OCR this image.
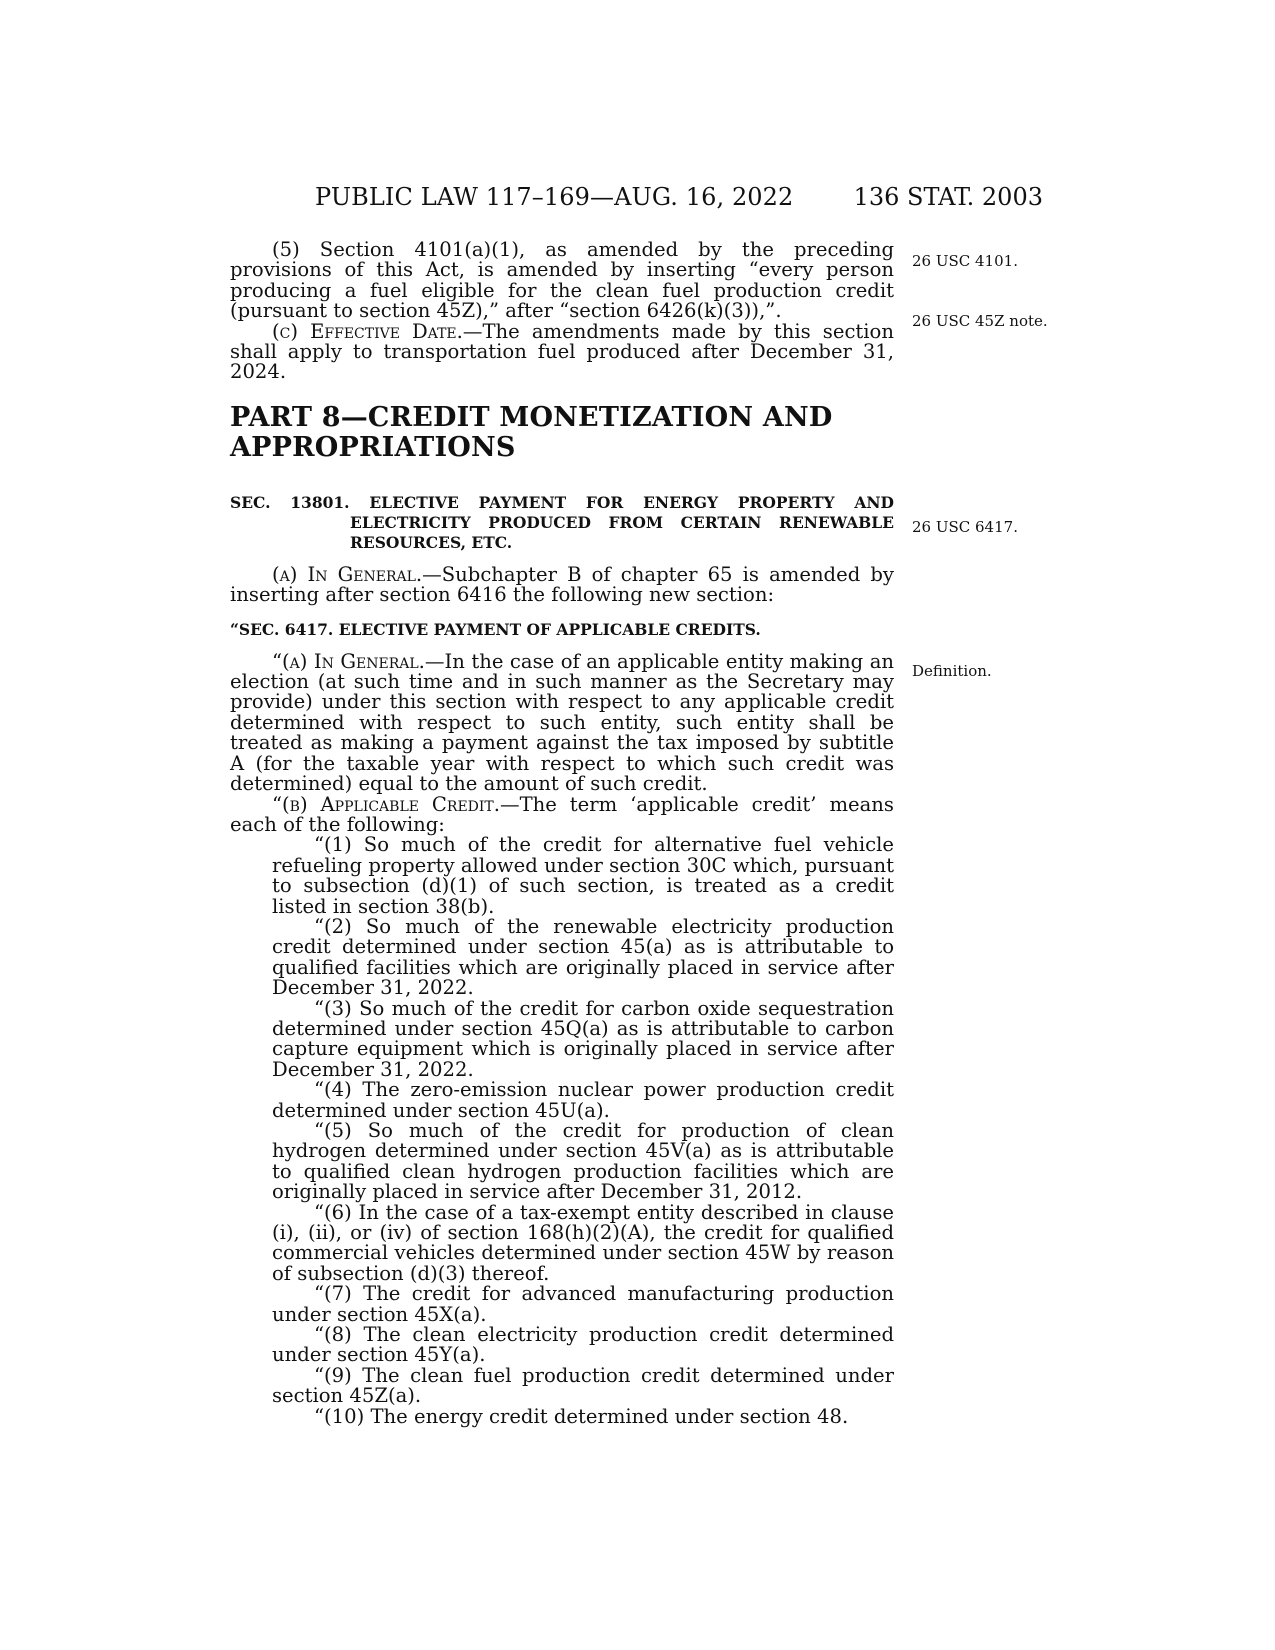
PUBLIC LAW 117–169—AUG. 16, 2022	136 STAT. 2003
26 USC 4101.
26 USC 45Z note.
26 USC 6417.
Definition.

(5) Section 4101(a)(1), as amended by the preceding provisions of this Act, is amended by inserting “every person producing a fuel eligible for the clean fuel production credit (pursuant to section 45Z),” after “section 6426(k)(3)),”.

(c) Effective Date.—The amendments made by this section shall apply to transportation fuel produced after December 31, 2024.

PART 8—CREDIT MONETIZATION AND
APPROPRIATIONS

SEC. 13801. ELECTIVE PAYMENT FOR ENERGY PROPERTY AND ELECTRICITY PRODUCED FROM CERTAIN RENEWABLE RESOURCES, ETC.

(a) In General.—Subchapter B of chapter 65 is amended by inserting after section 6416 the following new section:

“SEC. 6417. ELECTIVE PAYMENT OF APPLICABLE CREDITS.

“(a) In General.—In the case of an applicable entity making an election (at such time and in such manner as the Secretary may provide) under this section with respect to any applicable credit determined with respect to such entity, such entity shall be treated as making a payment against the tax imposed by subtitle A (for the taxable year with respect to which such credit was determined) equal to the amount of such credit.

“(b) Applicable Credit.—The term ‘applicable credit’ means each of the following:

“(1) So much of the credit for alternative fuel vehicle refueling property allowed under section 30C which, pursuant to subsection (d)(1) of such section, is treated as a credit listed in section 38(b).

“(2) So much of the renewable electricity production credit determined under section 45(a) as is attributable to qualified facilities which are originally placed in service after December 31, 2022.

“(3) So much of the credit for carbon oxide sequestration determined under section 45Q(a) as is attributable to carbon capture equipment which is originally placed in service after December 31, 2022.

“(4) The zero-emission nuclear power production credit determined under section 45U(a).

“(5) So much of the credit for production of clean hydrogen determined under section 45V(a) as is attributable to qualified clean hydrogen production facilities which are originally placed in service after December 31, 2012.

“(6) In the case of a tax-exempt entity described in clause (i), (ii), or (iv) of section 168(h)(2)(A), the credit for qualified commercial vehicles determined under section 45W by reason of subsection (d)(3) thereof.

“(7) The credit for advanced manufacturing production under section 45X(a).

“(8) The clean electricity production credit determined under section 45Y(a).

“(9) The clean fuel production credit determined under section 45Z(a).

“(10) The energy credit determined under section 48.
